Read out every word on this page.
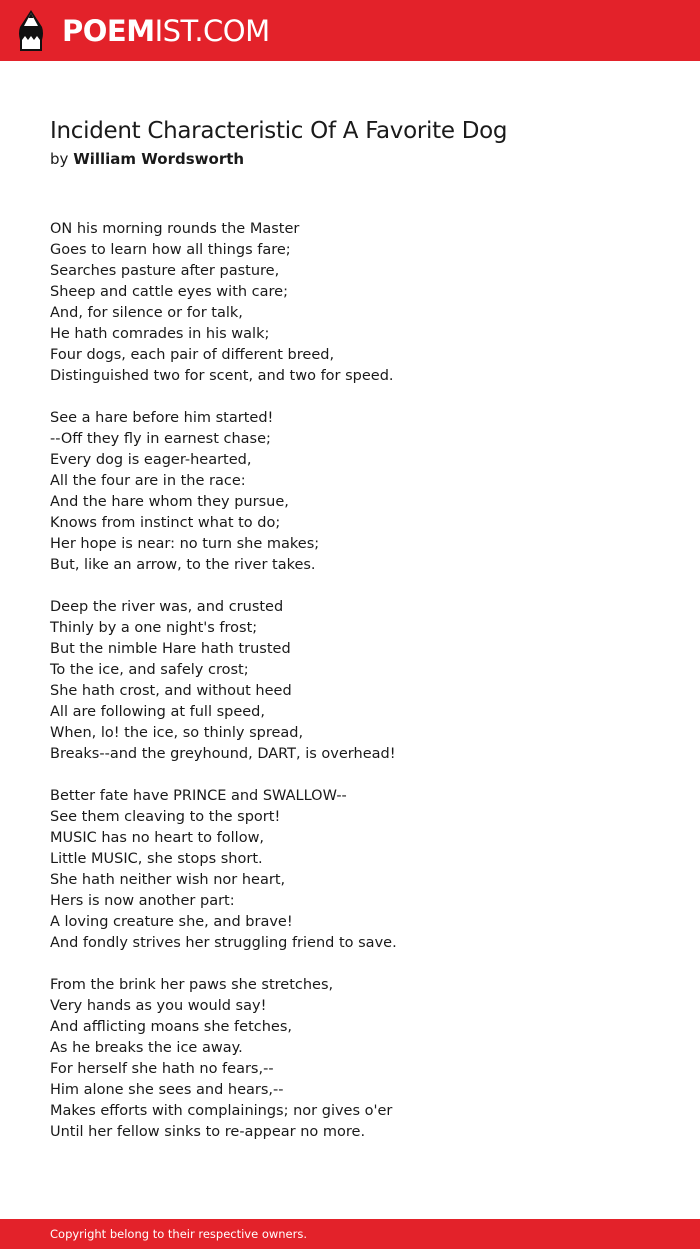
POEMIST.COM
Incident Characteristic Of A Favorite Dog
by William Wordsworth
ON his morning rounds the Master
Goes to learn how all things fare;
Searches pasture after pasture,
Sheep and cattle eyes with care;
And, for silence or for talk,
He hath comrades in his walk;
Four dogs, each pair of different breed,
Distinguished two for scent, and two for speed.
See a hare before him started!
--Off they fly in earnest chase;
Every dog is eager-hearted,
All the four are in the race:
And the hare whom they pursue,
Knows from instinct what to do;
Her hope is near: no turn she makes;
But, like an arrow, to the river takes.
Deep the river was, and crusted
Thinly by a one night's frost;
But the nimble Hare hath trusted
To the ice, and safely crost;
She hath crost, and without heed
All are following at full speed,
When, lo! the ice, so thinly spread,
Breaks--and the greyhound, DART, is overhead!
Better fate have PRINCE and SWALLOW--
See them cleaving to the sport!
MUSIC has no heart to follow,
Little MUSIC, she stops short.
She hath neither wish nor heart,
Hers is now another part:
A loving creature she, and brave!
And fondly strives her struggling friend to save.
From the brink her paws she stretches,
Very hands as you would say!
And afflicting moans she fetches,
As he breaks the ice away.
For herself she hath no fears,--
Him alone she sees and hears,--
Makes efforts with complainings; nor gives o'er
Until her fellow sinks to re-appear no more.
Copyright belong to their respective owners.
